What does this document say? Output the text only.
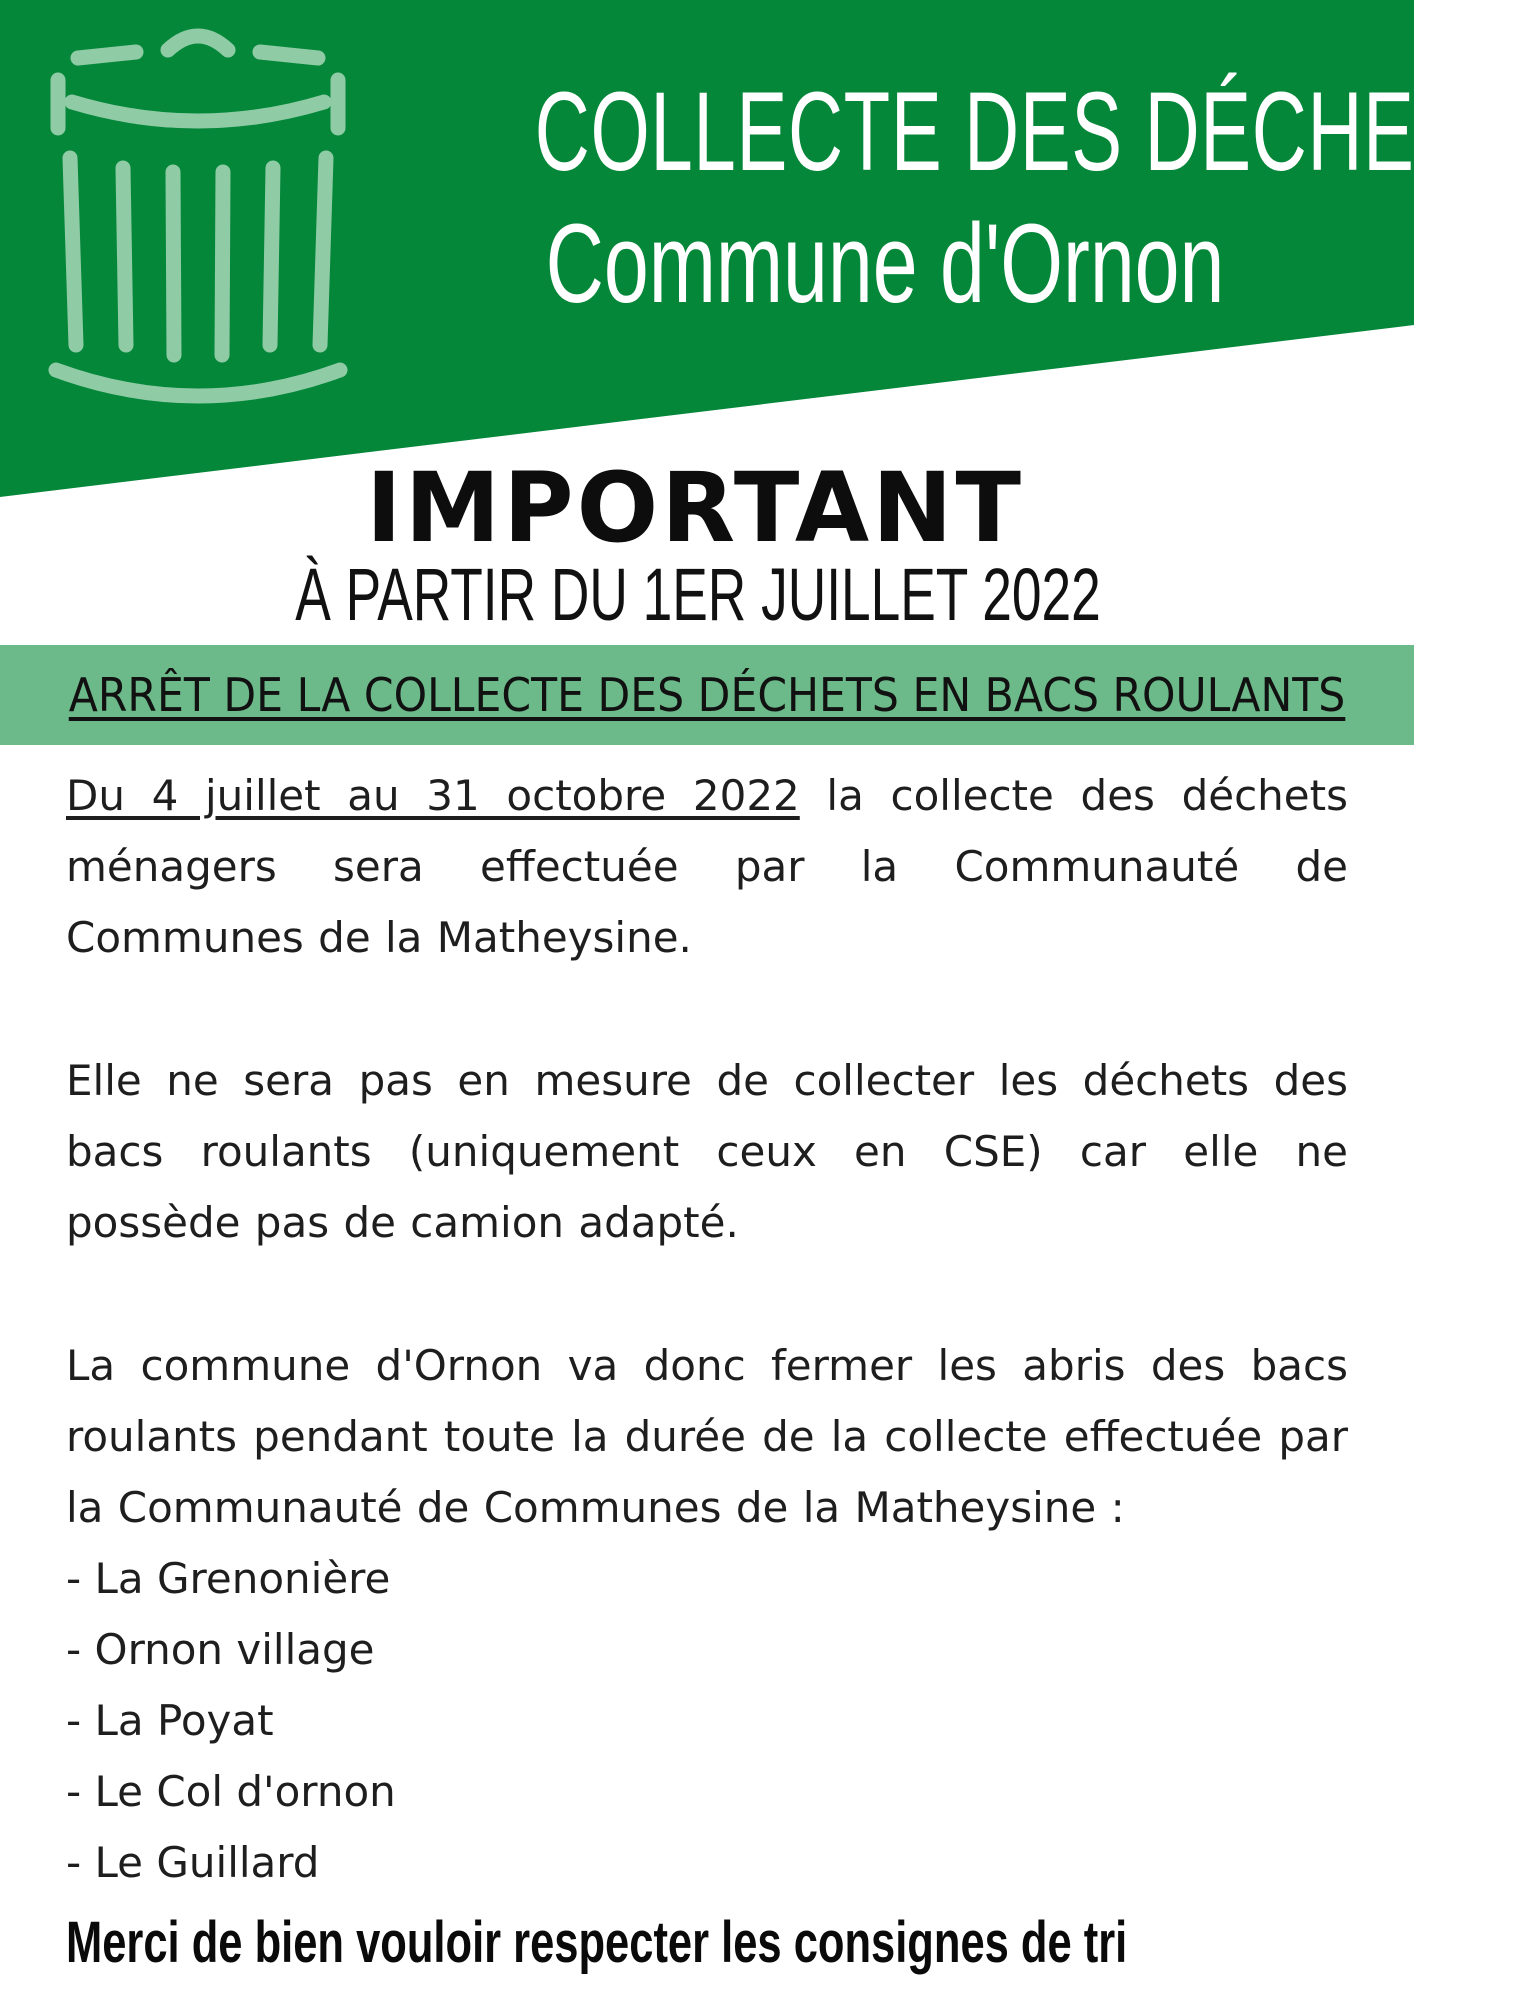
COLLECTE DES DÉCHETS
Commune d'Ornon
IMPORTANT
À PARTIR DU 1ER JUILLET 2022
ARRÊT DE LA COLLECTE DES DÉCHETS EN BACS ROULANTS

Du 4 juillet au 31 octobre 2022 la collecte des déchets ménagers sera effectuée par la Communauté de Communes de la Matheysine.

Elle ne sera pas en mesure de collecter les déchets des bacs roulants (uniquement ceux en CSE) car elle ne possède pas de camion adapté.

La commune d'Ornon va donc fermer les abris des bacs roulants pendant toute la durée de la collecte effectuée par la Communauté de Communes de la Matheysine :

- La Grenonière
- Ornon village
- La Poyat
- Le Col d'ornon
- Le Guillard
Merci de bien vouloir respecter les consignes de tri
